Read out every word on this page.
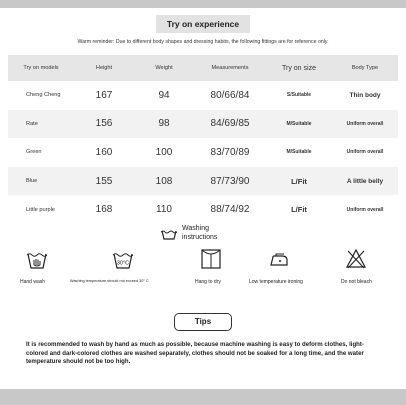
Try on experience
Warm reminder: Due to different body shapes and dressing habits, the following fittings are for reference only.
Try on models	Height	Weight	Measurements	Try on size	Body Type
Cheng Cheng	167	94	80/66/84	S/Suitable	Thin body
Rate	156	98	84/69/85	M/Suitable	Uniform overall
Green	160	100	83/70/89	M/Suitable	Uniform overall
Blue	155	108	87/73/90	L/Fit	A little belly
Little purple	168	110	88/74/92	L/Fit	Uniform overall
Washing
instructions
Hand wash
30°C
Washing temperature should not exceed 30° C	Hang to dry	Low temperature ironing	Do not bleach
Tips
It is recommended to wash by hand as much as possible, because machine washing is easy to deform clothes, light-colored and dark-colored clothes are washed separately, clothes should not be soaked for a long time, and the water temperature should not be too high.
